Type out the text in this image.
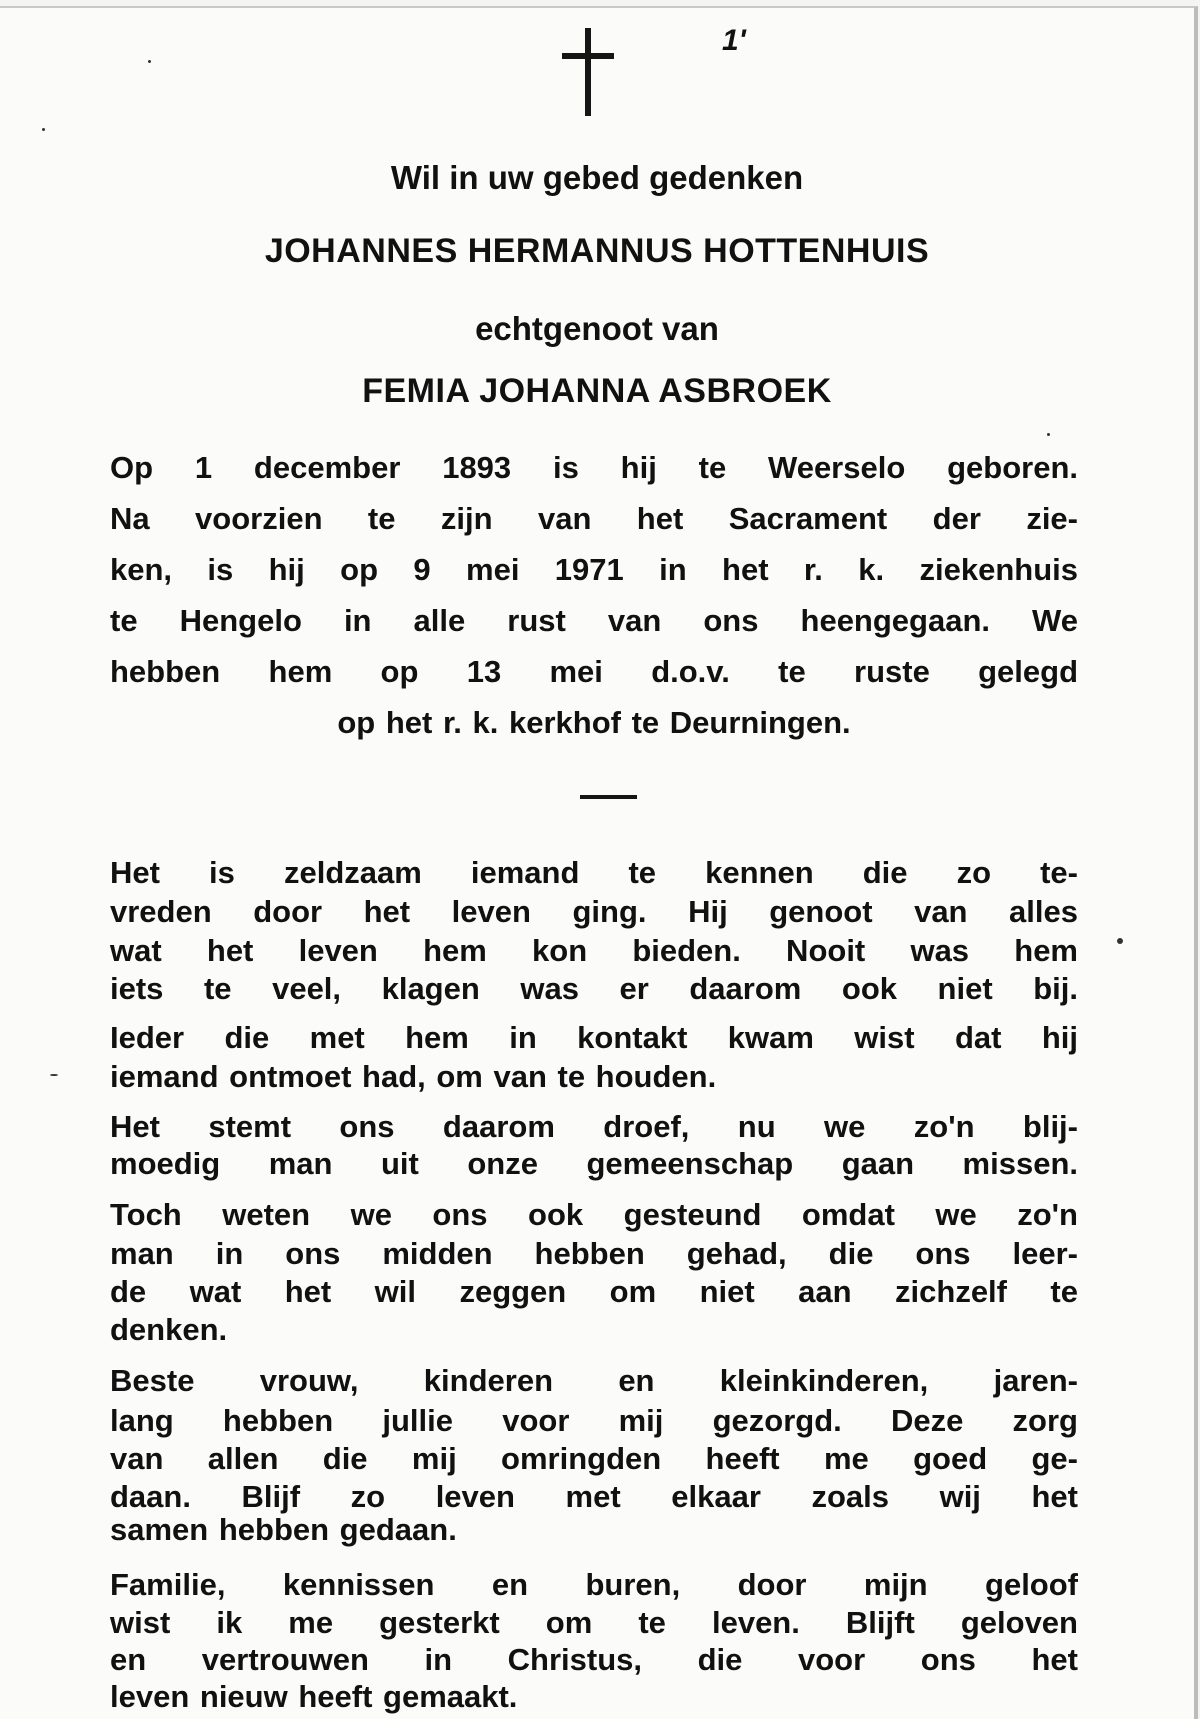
1'
Wil in uw gebed gedenken
JOHANNES HERMANNUS HOTTENHUIS
echtgenoot van
FEMIA JOHANNA ASBROEK
Op 1 december 1893 is hij te Weerselo geboren.
Na voorzien te zijn van het Sacrament der zie-
ken, is hij op 9 mei 1971 in het r. k. ziekenhuis
te Hengelo in alle rust van ons heengegaan. We
hebben hem op 13 mei d.o.v. te ruste gelegd
op het r. k. kerkhof te Deurningen.
Het is zeldzaam iemand te kennen die zo te-
vreden door het leven ging. Hij genoot van alles
wat het leven hem kon bieden. Nooit was hem
iets te veel, klagen was er daarom ook niet bij.
Ieder die met hem in kontakt kwam wist dat hij
iemand ontmoet had, om van te houden.
Het stemt ons daarom droef, nu we zo'n blij-
moedig man uit onze gemeenschap gaan missen.
Toch weten we ons ook gesteund omdat we zo'n
man in ons midden hebben gehad, die ons leer-
de wat het wil zeggen om niet aan zichzelf te
denken.
Beste vrouw, kinderen en kleinkinderen, jaren-
lang hebben jullie voor mij gezorgd. Deze zorg
van allen die mij omringden heeft me goed ge-
daan. Blijf zo leven met elkaar zoals wij het
samen hebben gedaan.
Familie, kennissen en buren, door mijn geloof
wist ik me gesterkt om te leven. Blijft geloven
en vertrouwen in Christus, die voor ons het
leven nieuw heeft gemaakt.
